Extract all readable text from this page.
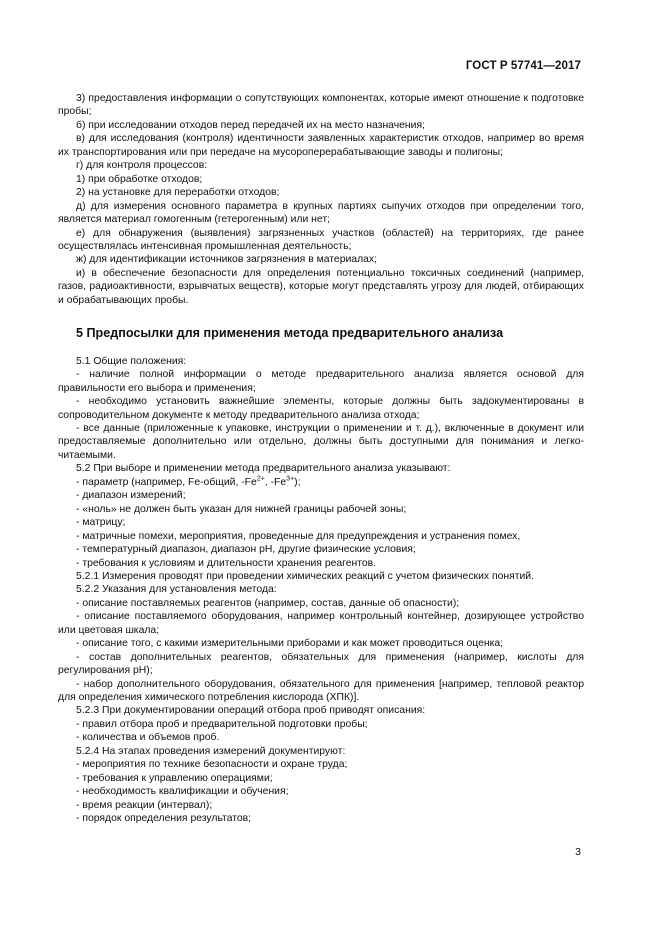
ГОСТ Р 57741—2017

3) предоставления информации о сопутствующих компонентах, которые имеют отношение к подготовке пробы;

б) при исследовании отходов перед передачей их на место назначения;

в) для исследования (контроля) идентичности заявленных характеристик отходов, например во время их транспортирования или при передаче на мусороперерабатывающие заводы и полигоны;

г) для контроля процессов:

1) при обработке отходов;

2) на установке для переработки отходов;

д) для измерения основного параметра в крупных партиях сыпучих отходов при определении того, является материал гомогенным (гетерогенным) или нет;

е) для обнаружения (выявления) загрязненных участков (областей) на территориях, где ранее осуществлялась интенсивная промышленная деятельность;

ж) для идентификации источников загрязнения в материалах;

и) в обеспечение безопасности для определения потенциально токсичных соединений (например, газов, радиоактивности, взрывчатых веществ), которые могут представлять угрозу для людей, отбирающих и обрабатывающих пробы.

5 Предпосылки для применения метода предварительного анализа

5.1 Общие положения:

- наличие полной информации о методе предварительного анализа является основой для правильности его выбора и применения;

- необходимо установить важнейшие элементы, которые должны быть задокументированы в сопроводительном документе к методу предварительного анализа отхода;

- все данные (приложенные к упаковке, инструкции о применении и т. д.), включенные в документ или предоставляемые дополнительно или отдельно, должны быть доступными для понимания и легко-читаемыми.

5.2 При выборе и применении метода предварительного анализа указывают:

- параметр (например, Fe-общий, $-Fe^{2+}$, $-Fe^{3+}$);

- диапазон измерений;

- «ноль» не должен быть указан для нижней границы рабочей зоны;

- матрицу;

- матричные помехи, мероприятия, проведенные для предупреждения и устранения помех,

- температурный диапазон, диапазон pH, другие физические условия;

- требования к условиям и длительности хранения реагентов.

5.2.1 Измерения проводят при проведении химических реакций с учетом физических понятий.

5.2.2 Указания для установления метода:

- описание поставляемых реагентов (например, состав, данные об опасности);

- описание поставляемого оборудования, например контрольный контейнер, дозирующее устройство или цветовая шкала;

- описание того, с какими измерительными приборами и как может проводиться оценка;

- состав дополнительных реагентов, обязательных для применения (например, кислоты для регулирования pH);

- набор дополнительного оборудования, обязательного для применения [например, тепловой реактор для определения химического потребления кислорода (ХПК)].

5.2.3 При документировании операций отбора проб приводят описания:

- правил отбора проб и предварительной подготовки пробы;

- количества и объемов проб.

5.2.4 На этапах проведения измерений документируют:

- мероприятия по технике безопасности и охране труда;

- требования к управлению операциями;

- необходимость квалификации и обучения;

- время реакции (интервал);

- порядок определения результатов;

3
